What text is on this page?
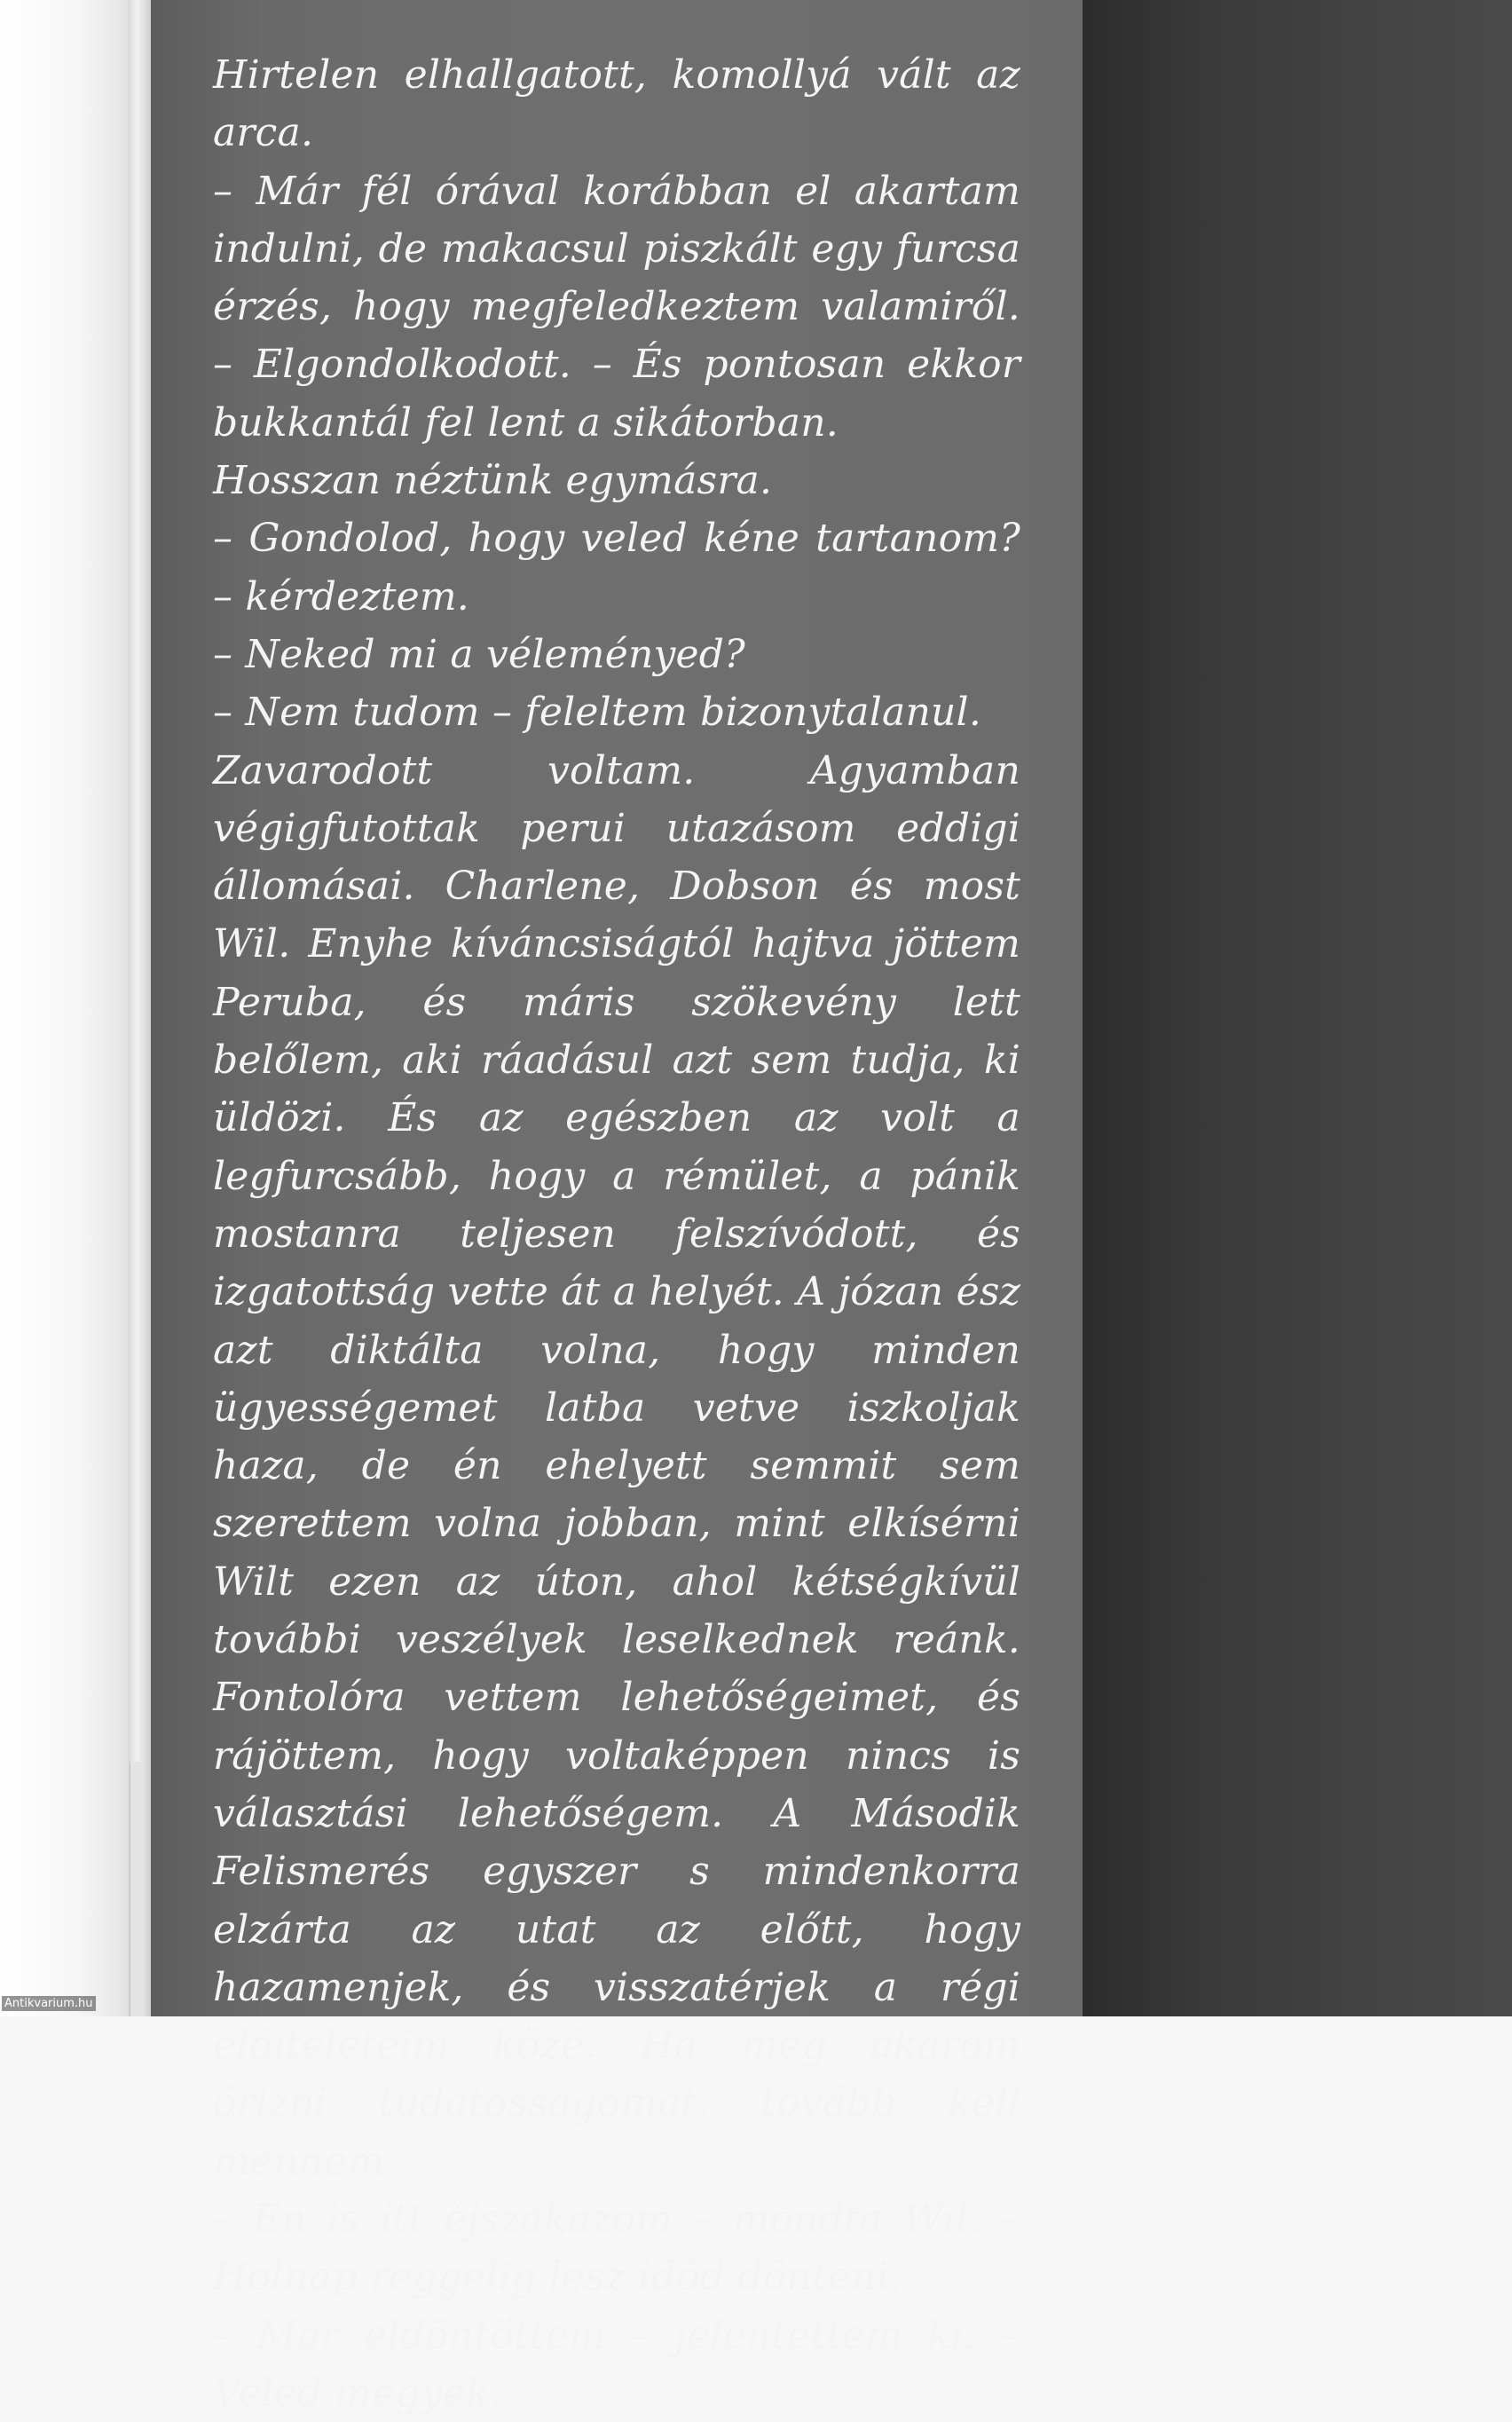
Hirtelen elhallgatott, komollyá vált az arca.

– Már fél órával korábban el akartam indulni, de makacsul piszkált egy furcsa érzés, hogy megfeledkeztem valamiről. – Elgondolkodott. – És pontosan ekkor bukkantál fel lent a sikátorban.

Hosszan néztünk egymásra.

– Gondolod, hogy veled kéne tartanom? – kérdeztem.

– Neked mi a véleményed?

– Nem tudom – feleltem bizonytalanul.

Zavarodott voltam. Agyamban végigfutottak perui utazásom eddigi állomásai. Charlene, Dobson és most Wil. Enyhe kíváncsiságtól hajtva jöttem Peruba, és máris szökevény lett belőlem, aki ráadásul azt sem tudja, ki üldözi. És az egészben az volt a legfurcsább, hogy a rémület, a pánik mostanra teljesen felszívódott, és izgatottság vette át a helyét. A józan ész azt diktálta volna, hogy minden ügyességemet latba vetve iszkoljak haza, de én ehelyett semmit sem szerettem volna jobban, mint elkísérni Wilt ezen az úton, ahol kétségkívül további veszélyek leselkednek reánk. Fontolóra vettem lehetőségeimet, és rájöttem, hogy voltaképpen nincs is választási lehetőségem. A Második Felismerés egyszer s mindenkorra elzárta az utat az előtt, hogy hazamenjek, és visszatérjek a régi előítéleteim közé. Ha meg akarom őrizni tudatosságomat, tovább kell mennem.

– Én is itt éjszakázom – mondta Wil. – Holnap reggelig lesz időd dönteni.

– Már eldöntöttem – jelentettem ki. – Veled megyek.

Antikvarium.hu
